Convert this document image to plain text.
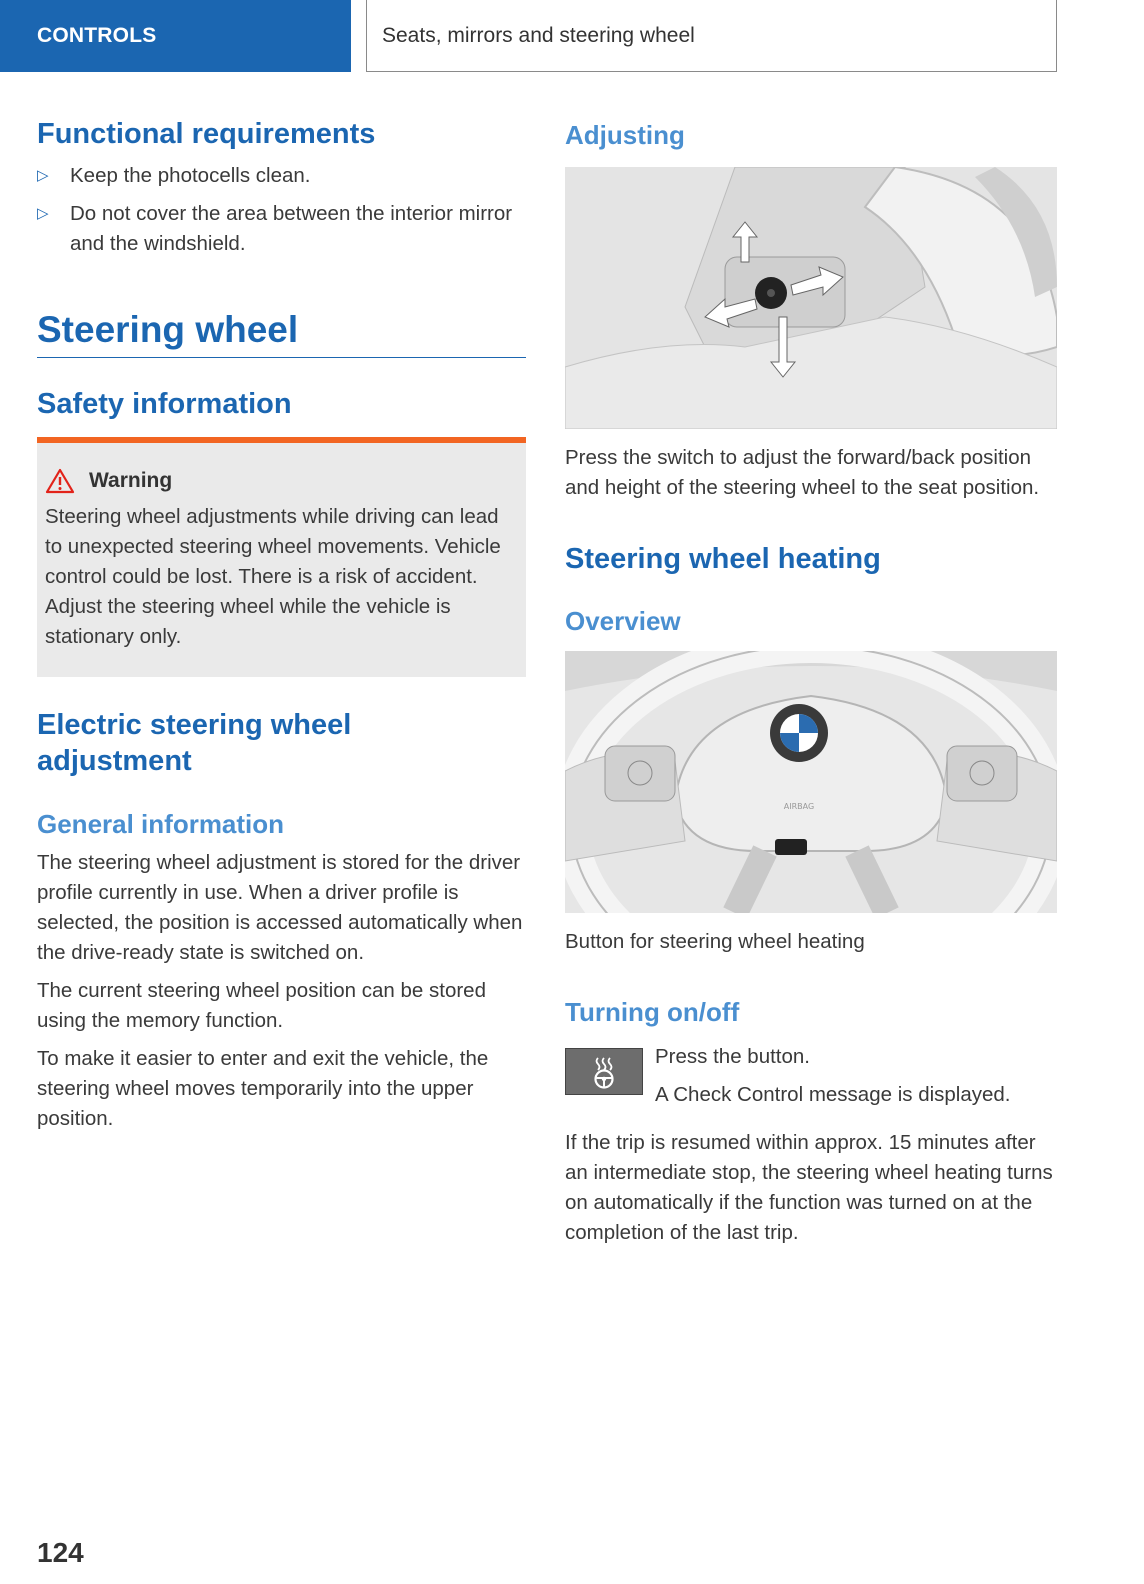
CONTROLS	Seats, mirrors and steering wheel
Functional requirements
▷	Keep the photocells clean.
▷	Do not cover the area between the interior mirror and the windshield.
Steering wheel
Safety information
Warning

Steering wheel adjustments while driving can lead to unexpected steering wheel movements. Vehicle control could be lost. There is a risk of accident. Adjust the steering wheel while the vehicle is stationary only.

Electric steering wheel adjustment
General information

The steering wheel adjustment is stored for the driver profile currently in use. When a driver profile is selected, the position is accessed automatically when the drive-ready state is switched on.

The current steering wheel position can be stored using the memory function.

To make it easier to enter and exit the vehicle, the steering wheel moves temporarily into the upper position.

Adjusting

Press the switch to adjust the forward/back position and height of the steering wheel to the seat position.

Steering wheel heating
Overview
AIRBAG

Button for steering wheel heating

Turning on/off

Press the button.

A Check Control message is displayed.

If the trip is resumed within approx. 15 minutes after an intermediate stop, the steering wheel heating turns on automatically if the function was turned on at the completion of the last trip.

124
